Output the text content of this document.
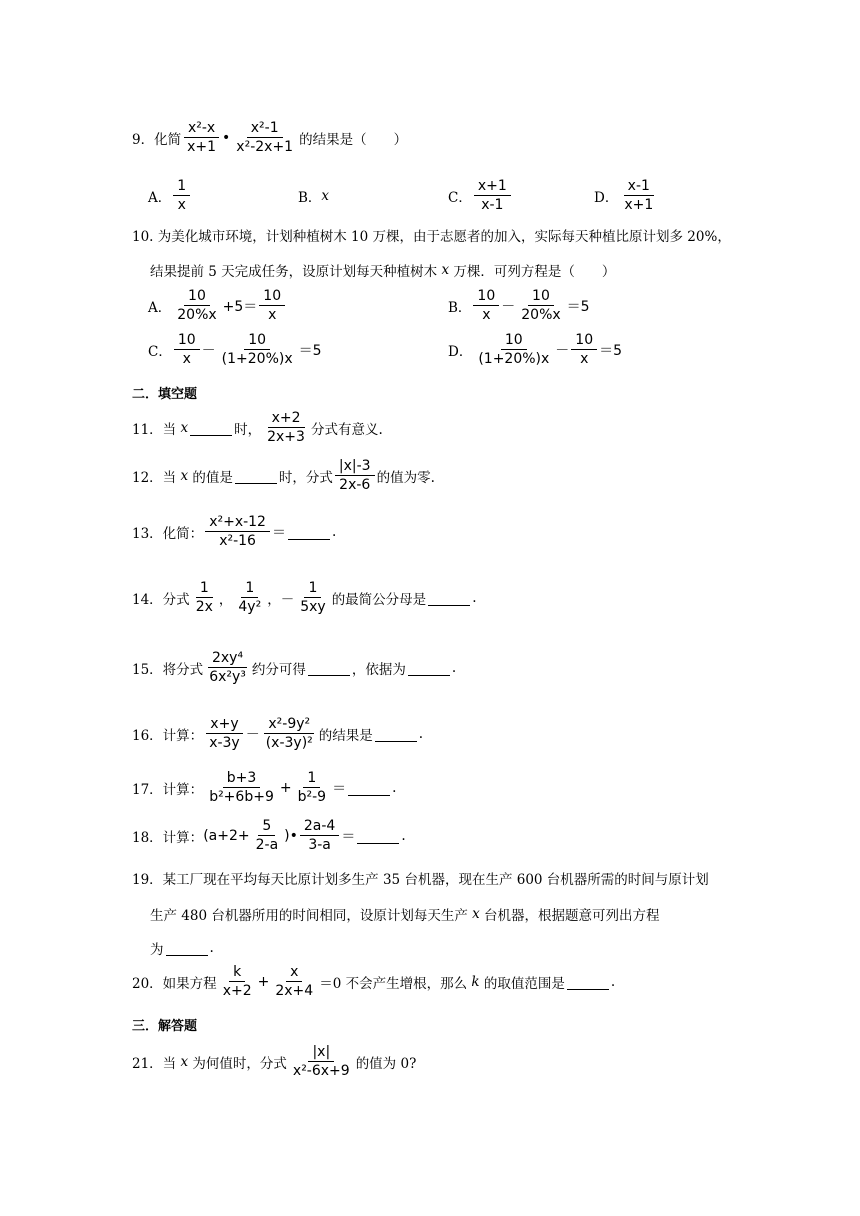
9．化简 $\frac{\text{x²-x}}{x+1}$ • $\frac{\text{x²-1}}{\text{x²-2x+1}}$ 的结果是（　　）
A． $\frac{1}{x}$	B． x	C． $\frac{x+1}{x-1}$	D． $\frac{x-1}{x+1}$
10. 为美化城市环境，计划种植树木 10 万棵，由于志愿者的加入，实际每天种植比原计划多 20%，
结果提前 5 天完成任务，设原计划每天种植树木 x 万棵．可列方程是（　　）
A． $\frac{10}{20\%x} +5= \frac{10}{x}$	B． $\frac{10}{x} - \frac{10}{20\%x} =5$
C． $\frac{10}{x} - \frac{10}{(1+20\%)x} =5$	D． $\frac{10}{(1+20\%)x} - \frac{10}{x} =5$
二．填空题
11．当 x	时， $\frac{x+2}{2x+3}$ 分式有意义.
12．当 x 的值是	时，分式 $\frac{|x|-3}{2x-6}$ 的值为零.
13．化简： $\frac{\text{x²+x-12}}{\text{x²-16}}$ ＝	.
14．分式 $\frac{1}{2x}$ ， $\frac{1}{\text{4y²}}$ ，－ $\frac{1}{5xy}$ 的最简公分母是	.
15．将分式 $\frac{\text{2xy⁴}}{\text{6x²y³}}$ 约分可得	，依据为	.
16．计算： $\frac{x+y}{x-3y} - \frac{\text{x²-9y²}}{\text{(x-3y)²}}$ 的结果是	.
17．计算： $\frac{b+3}{\text{b²+6b+9}} + \frac{1}{\text{b²-9}}$ ＝	.
18．计算： ($a+2+ \frac{5}{2-a}$ )• $\frac{2a-4}{3-a}$ ＝	.
19．某工厂现在平均每天比原计划多生产 35 台机器，现在生产 600 台机器所需的时间与原计划
生产 480 台机器所用的时间相同，设原计划每天生产 x 台机器，根据题意可列出方程
为	.
20．如果方程 $\frac{k}{x+2} + \frac{x}{2x+4} =0$ 不会产生增根，那么 k 的取值范围是	.
三．解答题
21．当 x 为何值时，分式 $\frac{|x|}{\text{x²-6x+9}}$ 的值为 0?
